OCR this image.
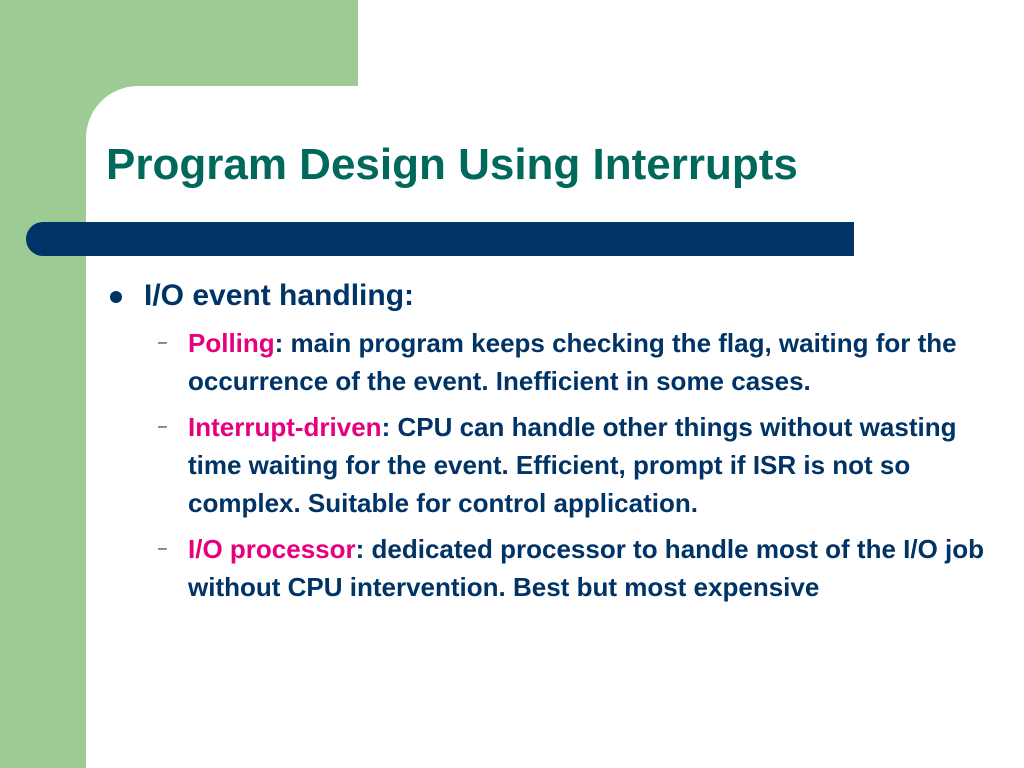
Program Design Using Interrupts
I/O event handling:
– Polling: main program keeps checking the flag, waiting for the occurrence of the event. Inefficient in some cases.
– Interrupt-driven: CPU can handle other things without wasting time waiting for the event. Efficient, prompt if ISR is not so complex. Suitable for control application.
– I/O processor: dedicated processor to handle most of the I/O job without CPU intervention. Best but most expensive
